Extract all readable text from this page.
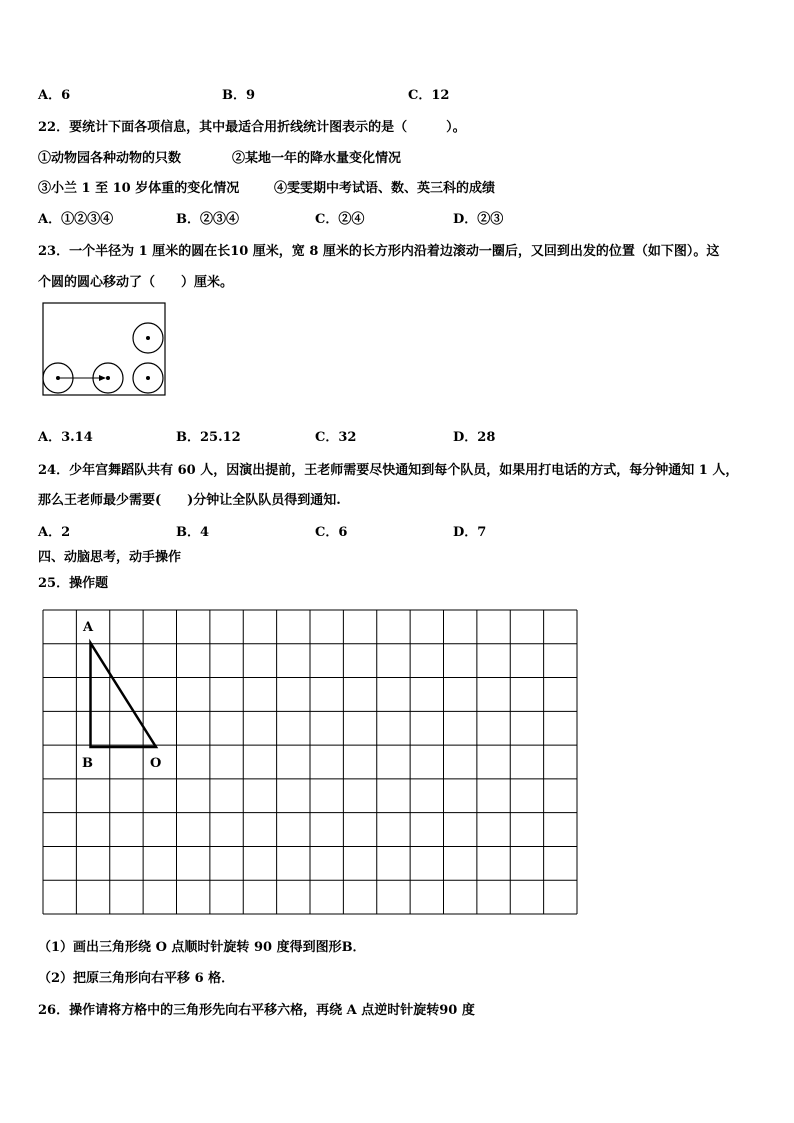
A．6	B．9	C．12
22．要统计下面各项信息，其中最适合用折线统计图表示的是（　　　）。
①动物园各种动物的只数	②某地一年的降水量变化情况
③小兰 1 至 10 岁体重的变化情况	④雯雯期中考试语、数、英三科的成绩
A．①②③④	B．②③④	C．②④	D．②③
23．一个半径为 1 厘米的圆在长10 厘米，宽 8 厘米的长方形内沿着边滚动一圈后，又回到出发的位置（如下图）。这
个圆的圆心移动了（　　）厘米。
A．3.14	B．25.12	C．32	D．28
24．少年宫舞蹈队共有 60 人，因演出提前，王老师需要尽快通知到每个队员，如果用打电话的方式，每分钟通知 1 人，
那么王老师最少需要(　　)分钟让全队队员得到通知.
A．2	B．4	C．6	D．7
四、动脑思考，动手操作
25．操作题
A
B	O
（1）画出三角形绕 O 点顺时针旋转 90 度得到图形B．
（2）把原三角形向右平移 6 格．
26．操作请将方格中的三角形先向右平移六格，再绕 A 点逆时针旋转90 度
